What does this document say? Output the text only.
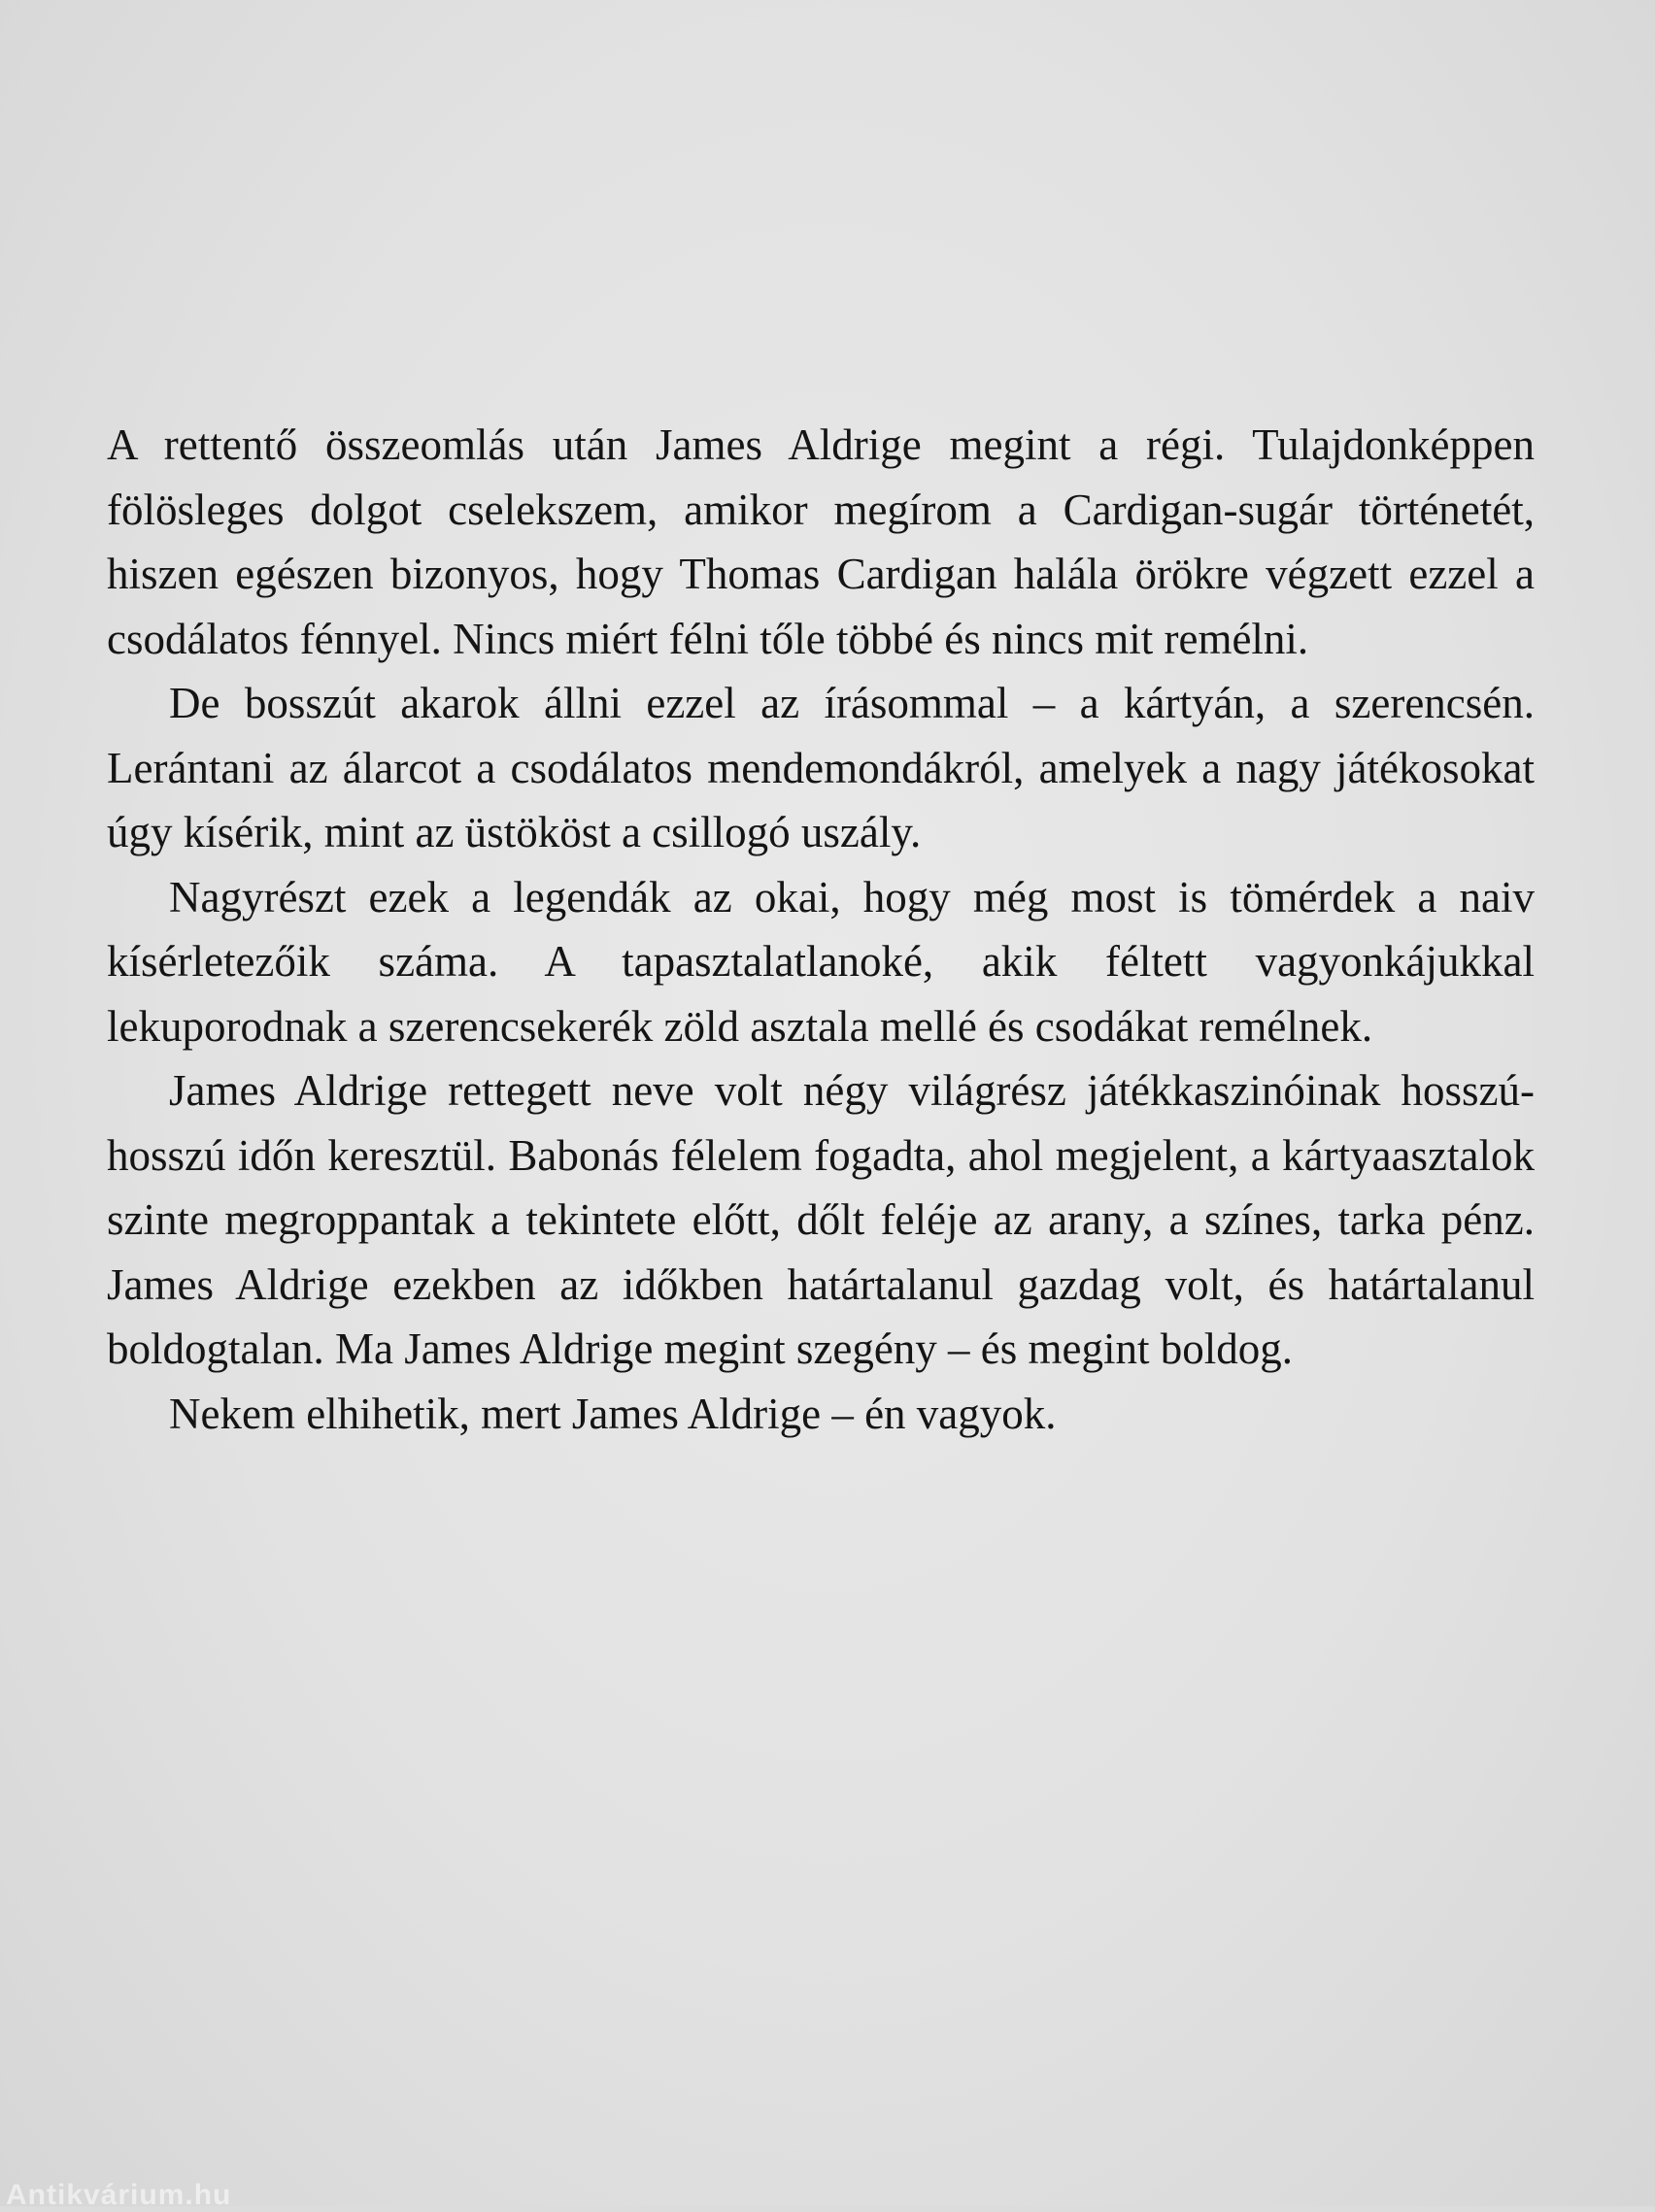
A rettentő összeomlás után James Aldrige megint a régi. Tulajdonképpen fölösleges dolgot cselekszem, amikor megírom a Cardigan-sugár történetét, hiszen egészen bizonyos, hogy Thomas Cardigan halála örökre végzett ezzel a csodálatos fénnyel. Nincs miért félni tőle többé és nincs mit remélni.

De bosszút akarok állni ezzel az írásommal – a kártyán, a szerencsén. Lerántani az álarcot a csodálatos mendemondákról, amelyek a nagy játékosokat úgy kísérik, mint az üstököst a csillogó uszály.

Nagyrészt ezek a legendák az okai, hogy még most is tömérdek a naiv kísérletezőik száma. A tapasztalatlanoké, akik féltett vagyonkájukkal lekuporodnak a szerencsekerék zöld asztala mellé és csodákat remélnek.

James Aldrige rettegett neve volt négy világrész játékkaszinóinak hosszú-hosszú időn keresztül. Babonás félelem fogadta, ahol megjelent, a kártyaasztalok szinte megroppantak a tekintete előtt, dőlt feléje az arany, a színes, tarka pénz. James Aldrige ezekben az időkben határtalanul gazdag volt, és határtalanul boldogtalan. Ma James Aldrige megint szegény – és megint boldog.

Nekem elhihetik, mert James Aldrige – én vagyok.

Antikvárium.hu
